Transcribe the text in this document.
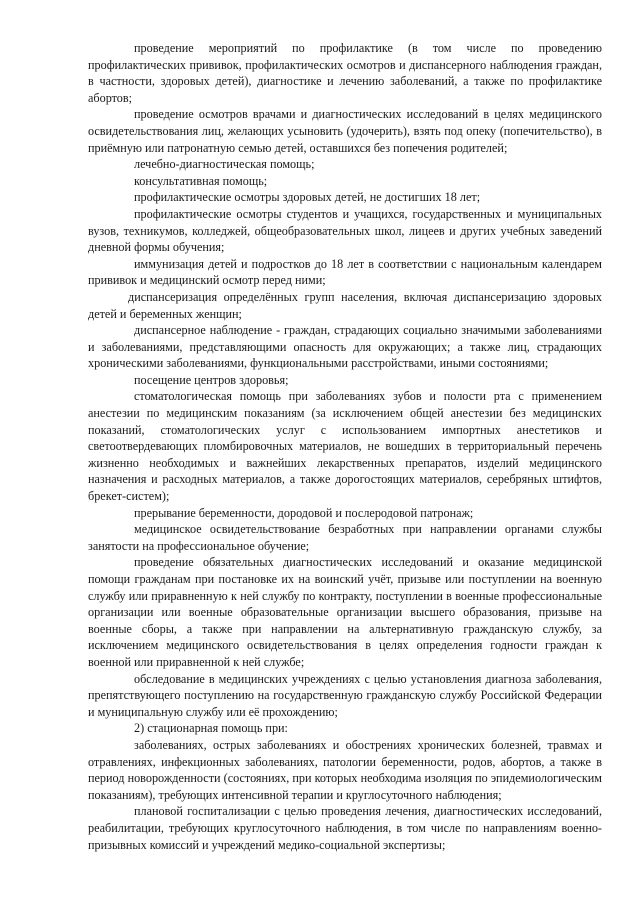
проведение мероприятий по профилактике (в том числе по проведению профилактических прививок, профилактических осмотров и диспансерного наблюдения граждан, в частности, здоровых детей), диагностике и лечению заболеваний, а также по профилактике абортов;

проведение осмотров врачами и диагностических исследований в целях медицинского освидетельствования лиц, желающих усыновить (удочерить), взять под опеку (попечительство), в приёмную или патронатную семью детей, оставшихся без попечения родителей;

лечебно-диагностическая помощь;

консультативная помощь;

профилактические осмотры здоровых детей, не достигших 18 лет;

профилактические осмотры студентов и учащихся, государственных и муниципальных вузов, техникумов, колледжей, общеобразовательных школ, лицеев и других учебных заведений дневной формы обучения;

иммунизация детей и подростков до 18 лет в соответствии с национальным календарем прививок и медицинский осмотр перед ними;

диспансеризация определённых групп населения, включая диспансеризацию здоровых детей и беременных женщин;

диспансерное наблюдение - граждан, страдающих социально значимыми заболеваниями и заболеваниями, представляющими опасность для окружающих; а также лиц, страдающих хроническими заболеваниями, функциональными расстройствами, иными состояниями;

посещение центров здоровья;

стоматологическая помощь при заболеваниях зубов и полости рта с применением анестезии по медицинским показаниям (за исключением общей анестезии без медицинских показаний, стоматологических услуг с использованием импортных анестетиков и светоотвердевающих пломбировочных материалов, не вошедших в территориальный перечень жизненно необходимых и важнейших лекарственных препаратов, изделий медицинского назначения и расходных материалов, а также дорогостоящих материалов, серебряных штифтов, брекет-систем);

прерывание беременности, дородовой и послеродовой патронаж;

медицинское освидетельствование безработных при направлении органами службы занятости на профессиональное обучение;

проведение обязательных диагностических исследований и оказание медицинской помощи гражданам при постановке их на воинский учёт, призыве или поступлении на военную службу или приравненную к ней службу по контракту, поступлении в военные профессиональные организации или военные образовательные организации высшего образования, призыве на военные сборы, а также при направлении на альтернативную гражданскую службу, за исключением медицинского освидетельствования в целях определения годности граждан к военной или приравненной к ней службе;

обследование в медицинских учреждениях с целью установления диагноза заболевания, препятствующего поступлению на государственную гражданскую службу Российской Федерации и муниципальную службу или её прохождению;

2) стационарная помощь при:

заболеваниях, острых заболеваниях и обострениях хронических болезней, травмах и отравлениях, инфекционных заболеваниях, патологии беременности, родов, абортов, а также в период новорожденности (состояниях, при которых необходима изоляция по эпидемиологическим показаниям), требующих интенсивной терапии и круглосуточного наблюдения;

плановой госпитализации с целью проведения лечения, диагностических исследований, реабилитации, требующих круглосуточного наблюдения, в том числе по направлениям военно-призывных комиссий и учреждений медико-социальной экспертизы;
